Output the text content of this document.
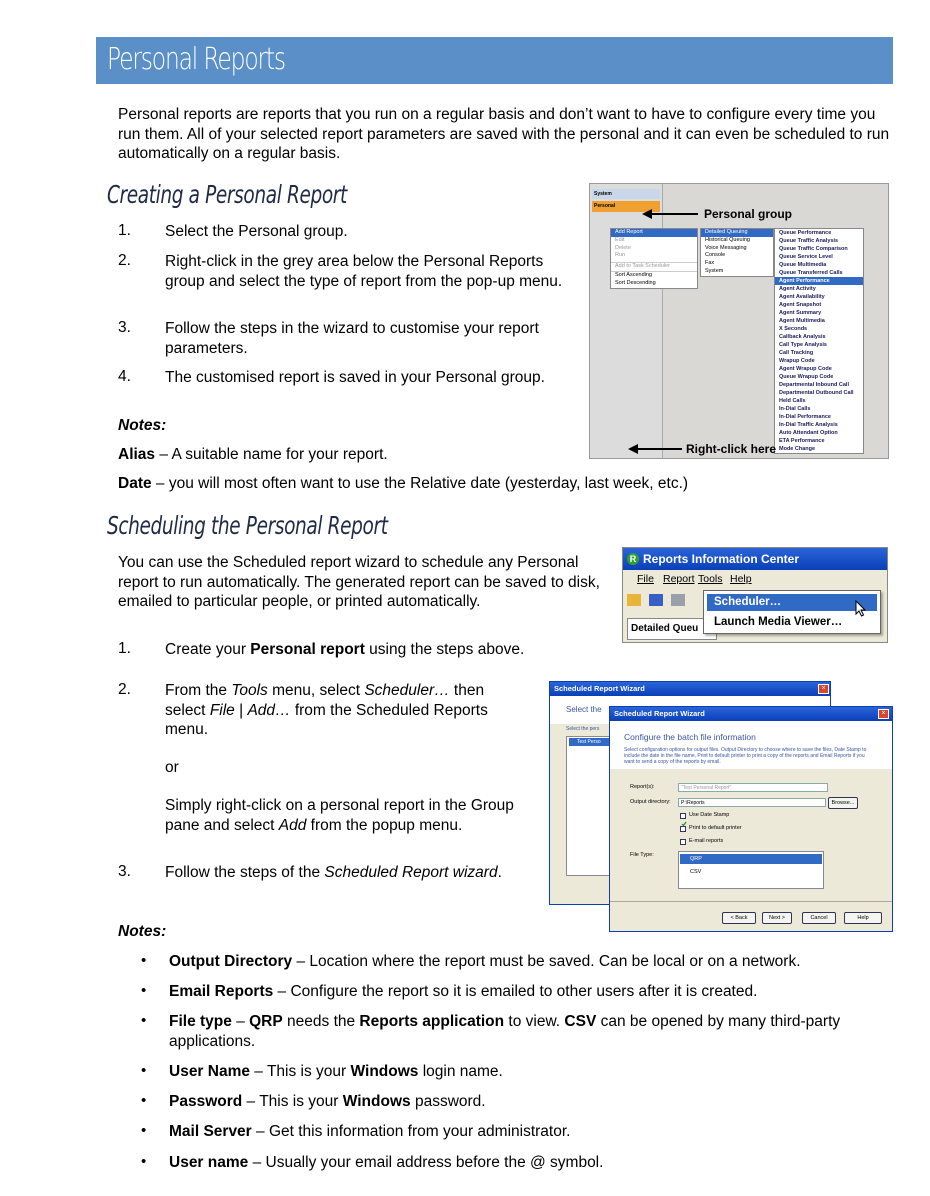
Personal Reports
Personal reports are reports that you run on a regular basis and don’t want to have to configure every time you run them. All of your selected report parameters are saved with the personal and it can even be scheduled to run automatically on a regular basis.
Creating a Personal Report
1. Select the Personal group.
2. Right-click in the grey area below the Personal Reports group and select the type of report from the pop-up menu.
3. Follow the steps in the wizard to customise your report parameters.
4. The customised report is saved in your Personal group.
Notes:
Alias – A suitable name for your report.
Date – you will most often want to use the Relative date (yesterday, last week, etc.)
System
Personal
Add Report
Edit
Delete
Run
Add to Task Scheduler
Sort Ascending
Sort Descending
Detailed Queuing
Historical Queuing
Voice Messaging
Console
Fax
System
Queue Performance
Queue Traffic Analysis
Queue Traffic Comparison
Queue Service Level
Queue Multimedia
Queue Transferred Calls
Agent Performance
Agent Activity
Agent Availability
Agent Snapshot
Agent Summary
Agent Multimedia
X Seconds
Callback Analysis
Call Type Analysis
Call Tracking
Wrapup Code
Agent Wrapup Code
Queue Wrapup Code
Departmental Inbound Call
Departmental Outbound Call
Held Calls
In-Dial Calls
In-Dial Performance
In-Dial Traffic Analysis
Auto Attendant Option
ETA Performance
Mode Change
Personal group
Right-click here
Scheduling the Personal Report
You can use the Scheduled report wizard to schedule any Personal report to run automatically. The generated report can be saved to disk, emailed to particular people, or printed automatically.
1. Create your Personal report using the steps above.
2. From the Tools menu, select Scheduler… then select File | Add… from the Scheduled Reports menu.
or
Simply right-click on a personal report in the Group pane and select Add from the popup menu.
3. Follow the steps of the Scheduled Report wizard.
Reports Information Center
R
File Report Tools Help
Detailed Queu
Scheduler…
Launch Media Viewer…
Scheduled Report Wizard	×
Select the
Select the pers
Test Perso
Scheduled Report Wizard	×
Configure the batch file information
Select configuration options for output files. Output Directory to choose where to save the files, Date Stamp to include the date in the file name, Print to default printer to print a copy of the reports and Email Reports if you want to send a copy of the reports by email.
Report(s):	"Test Personal Report"
Output directory:	P:\Reports	Browse...
Use Date Stamp
Print to default printer
E-mail reports
File Type:
QRP
CSV
< Back	Next >	Cancel	Help
Notes:
• Output Directory – Location where the report must be saved. Can be local or on a network.
• Email Reports – Configure the report so it is emailed to other users after it is created.
• File type – QRP needs the Reports application to view. CSV can be opened by many third-party applications.
• User Name – This is your Windows login name.
• Password – This is your Windows password.
• Mail Server – Get this information from your administrator.
• User name – Usually your email address before the @ symbol.
